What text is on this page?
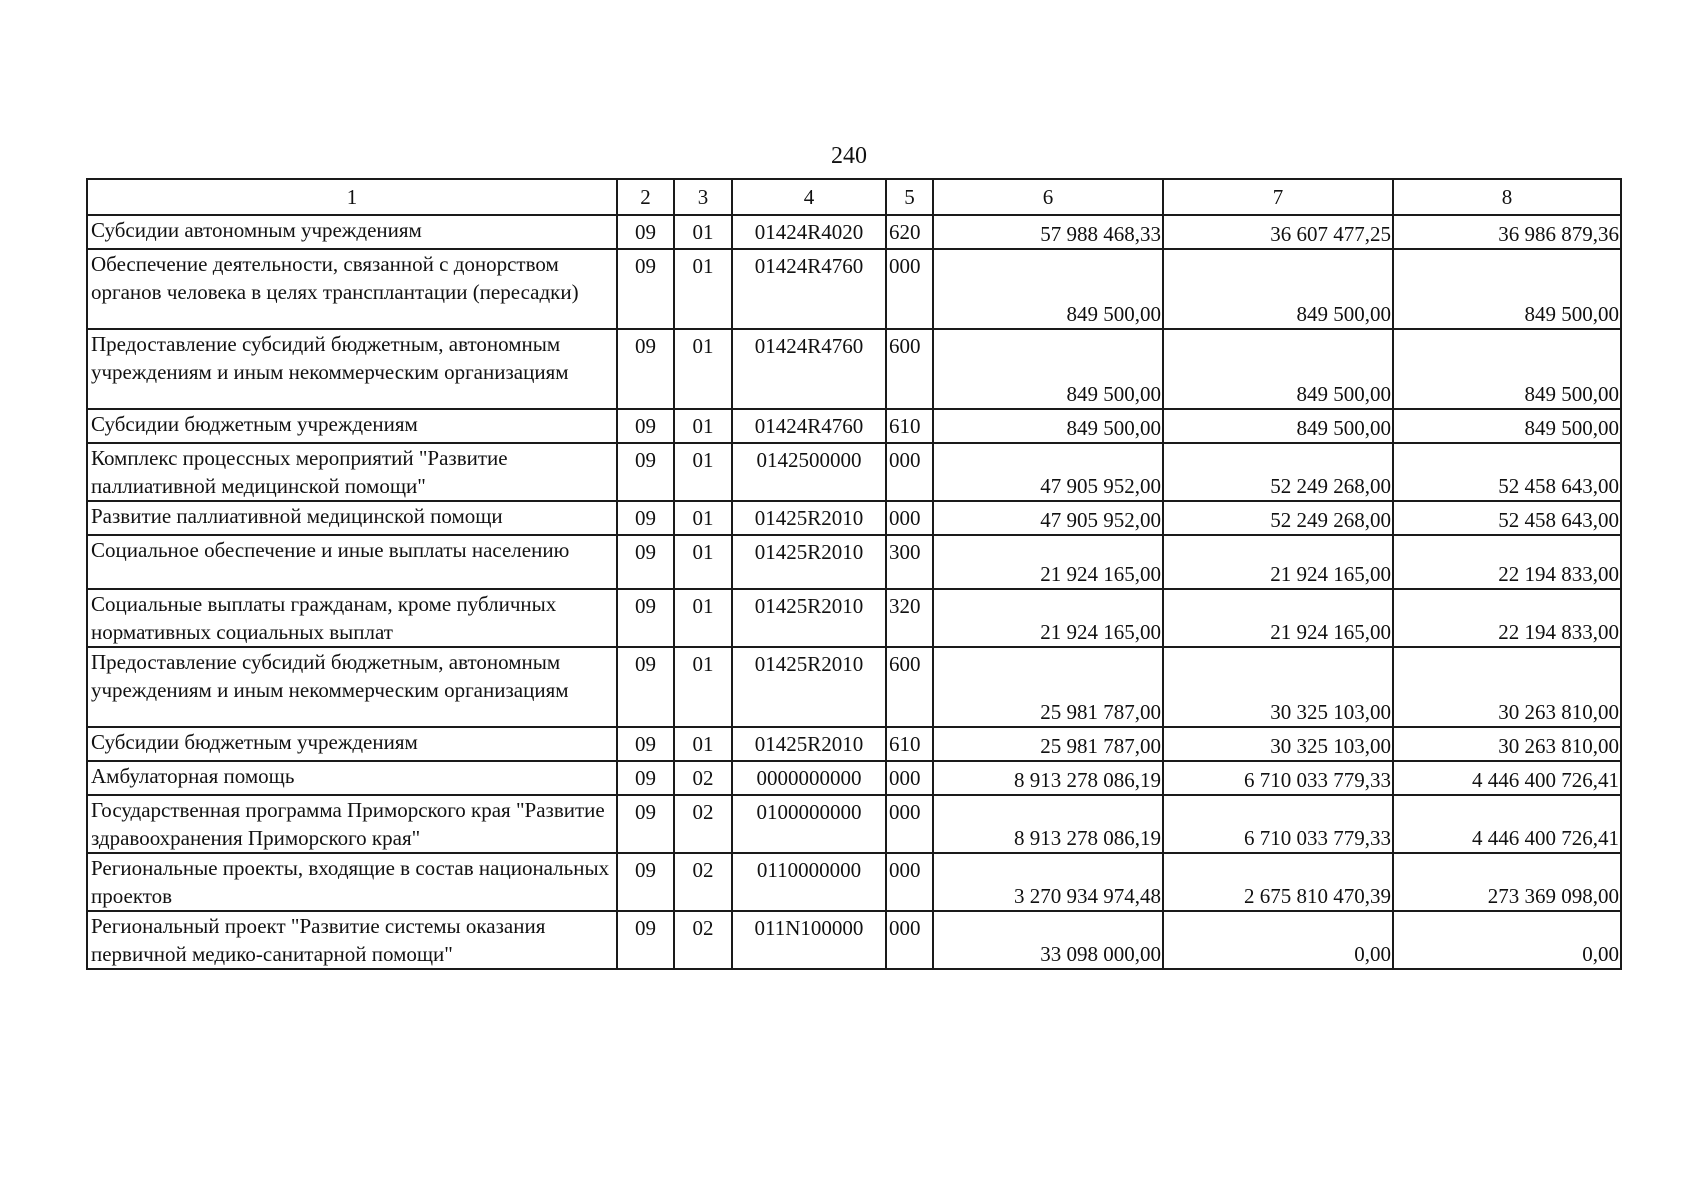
240
1	2	3	4	5	6	7	8
Субсидии автономным учреждениям	09	01	01424R4020	620	57 988 468,33	36 607 477,25	36 986 879,36
Обеспечение деятельности, связанной с донорством органов человека в целях трансплантации (пересадки)	09	01	01424R4760	000	849 500,00	849 500,00	849 500,00
Предоставление субсидий бюджетным, автономным учреждениям и иным некоммерческим организациям	09	01	01424R4760	600	849 500,00	849 500,00	849 500,00
Субсидии бюджетным учреждениям	09	01	01424R4760	610	849 500,00	849 500,00	849 500,00
Комплекс процессных мероприятий "Развитие паллиативной медицинской помощи"	09	01	0142500000	000	47 905 952,00	52 249 268,00	52 458 643,00
Развитие паллиативной медицинской помощи	09	01	01425R2010	000	47 905 952,00	52 249 268,00	52 458 643,00
Социальное обеспечение и иные выплаты населению	09	01	01425R2010	300	21 924 165,00	21 924 165,00	22 194 833,00
Социальные выплаты гражданам, кроме публичных нормативных социальных выплат	09	01	01425R2010	320	21 924 165,00	21 924 165,00	22 194 833,00
Предоставление субсидий бюджетным, автономным учреждениям и иным некоммерческим организациям	09	01	01425R2010	600	25 981 787,00	30 325 103,00	30 263 810,00
Субсидии бюджетным учреждениям	09	01	01425R2010	610	25 981 787,00	30 325 103,00	30 263 810,00
Амбулаторная помощь	09	02	0000000000	000	8 913 278 086,19	6 710 033 779,33	4 446 400 726,41
Государственная программа Приморского края "Развитие здравоохранения Приморского края"	09	02	0100000000	000	8 913 278 086,19	6 710 033 779,33	4 446 400 726,41
Региональные проекты, входящие в состав национальных проектов	09	02	0110000000	000	3 270 934 974,48	2 675 810 470,39	273 369 098,00
Региональный проект "Развитие системы оказания первичной медико-санитарной помощи"	09	02	011N100000	000	33 098 000,00	0,00	0,00
